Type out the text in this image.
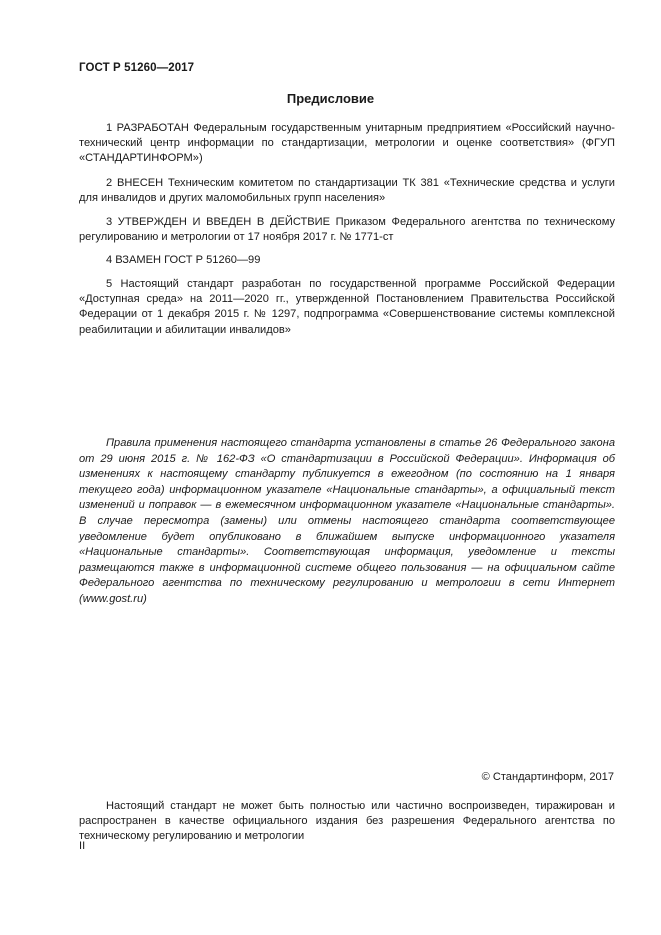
ГОСТ Р 51260—2017
Предисловие
1 РАЗРАБОТАН Федеральным государственным унитарным предприятием «Российский научно-технический центр информации по стандартизации, метрологии и оценке соответствия» (ФГУП «СТАНДАРТИНФОРМ»)
2 ВНЕСЕН Техническим комитетом по стандартизации ТК 381 «Технические средства и услуги для инвалидов и других маломобильных групп населения»
3 УТВЕРЖДЕН И ВВЕДЕН В ДЕЙСТВИЕ Приказом Федерального агентства по техническому регулированию и метрологии от 17 ноября 2017 г. № 1771-ст
4 ВЗАМЕН ГОСТ Р 51260—99
5 Настоящий стандарт разработан по государственной программе Российской Федерации «Доступная среда» на 2011—2020 гг., утвержденной Постановлением Правительства Российской Федерации от 1 декабря 2015 г. № 1297, подпрограмма «Совершенствование системы комплексной реабилитации и абилитации инвалидов»
Правила применения настоящего стандарта установлены в статье 26 Федерального закона от 29 июня 2015 г. № 162-ФЗ «О стандартизации в Российской Федерации». Информация об изменениях к настоящему стандарту публикуется в ежегодном (по состоянию на 1 января текущего года) информационном указателе «Национальные стандарты», а официальный текст изменений и поправок — в ежемесячном информационном указателе «Национальные стандарты». В случае пересмотра (замены) или отмены настоящего стандарта соответствующее уведомление будет опубликовано в ближайшем выпуске информационного указателя «Национальные стандарты». Соответствующая информация, уведомление и тексты размещаются также в информационной системе общего пользования — на официальном сайте Федерального агентства по техническому регулированию и метрологии в сети Интернет (www.gost.ru)
© Стандартинформ, 2017
Настоящий стандарт не может быть полностью или частично воспроизведен, тиражирован и распространен в качестве официального издания без разрешения Федерального агентства по техническому регулированию и метрологии
II
